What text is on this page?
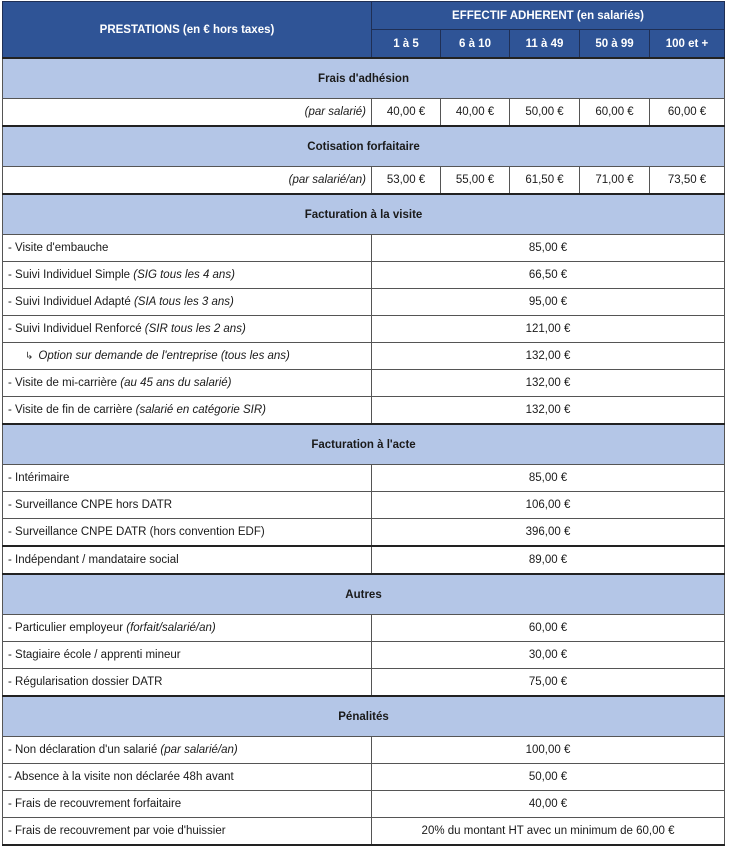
PRESTATIONS (en € hors taxes)	EFFECTIF ADHERENT (en salariés)				
	1 à 5	6 à 10	11 à 49	50 à 99	100 et +
Frais d'adhésion					
(par salarié)	40,00 €	40,00 €	50,00 €	60,00 €	60,00 €
Cotisation forfaitaire					
(par salarié/an)	53,00 €	55,00 €	61,50 €	71,00 €	73,50 €
Facturation à la visite					
- Visite d'embauche	85,00 €				
- Suivi Individuel Simple (SIG tous les 4 ans)	66,50 €				
- Suivi Individuel Adapté (SIA tous les 3 ans)	95,00 €				
- Suivi Individuel Renforcé (SIR tous les 2 ans)	121,00 €				
↳ Option sur demande de l'entreprise (tous les ans)	132,00 €				
- Visite de mi-carrière (au 45 ans du salarié)	132,00 €				
- Visite de fin de carrière (salarié en catégorie SIR)	132,00 €				
Facturation à l'acte					
- Intérimaire	85,00 €				
- Surveillance CNPE hors DATR	106,00 €				
- Surveillance CNPE DATR (hors convention EDF)	396,00 €				
- Indépendant / mandataire social	89,00 €				
Autres					
- Particulier employeur (forfait/salarié/an)	60,00 €				
- Stagiaire école / apprenti mineur	30,00 €				
- Régularisation dossier DATR	75,00 €				
Pénalités					
- Non déclaration d'un salarié (par salarié/an)	100,00 €				
- Absence à la visite non déclarée 48h avant	50,00 €				
- Frais de recouvrement forfaitaire	40,00 €				
- Frais de recouvrement par voie d'huissier	20% du montant HT avec un minimum de 60,00 €				
